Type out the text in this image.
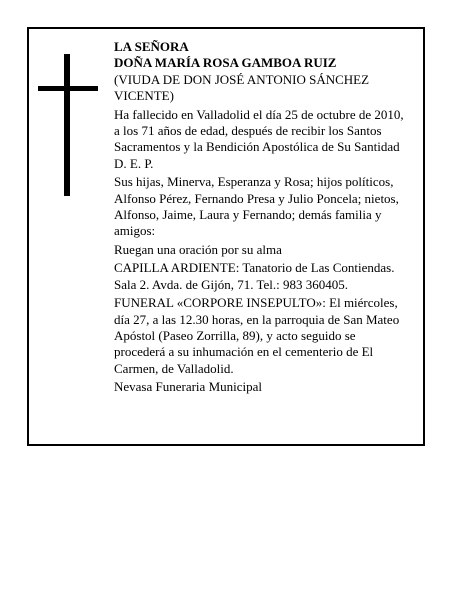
LA SEÑORA

DOÑA MARÍA ROSA GAMBOA RUIZ

(VIUDA DE DON JOSÉ ANTONIO SÁNCHEZ

VICENTE)

Ha fallecido en Valladolid el día 25 de octubre de 2010,

a los 71 años de edad, después de recibir los Santos

Sacramentos y la Bendición Apostólica de Su Santidad

D. E. P.

Sus hijas, Minerva, Esperanza y Rosa; hijos políticos,

Alfonso Pérez, Fernando Presa y Julio Poncela; nietos,

Alfonso, Jaime, Laura y Fernando; demás familia y

amigos:

Ruegan una oración por su alma

CAPILLA ARDIENTE: Tanatorio de Las Contiendas.

Sala 2. Avda. de Gijón, 71. Tel.: 983 360405.

FUNERAL «CORPORE INSEPULTO»: El miércoles,

día 27, a las 12.30 horas, en la parroquia de San Mateo

Apóstol (Paseo Zorrilla, 89), y acto seguido se

procederá a su inhumación en el cementerio de El

Carmen, de Valladolid.

Nevasa Funeraria Municipal
